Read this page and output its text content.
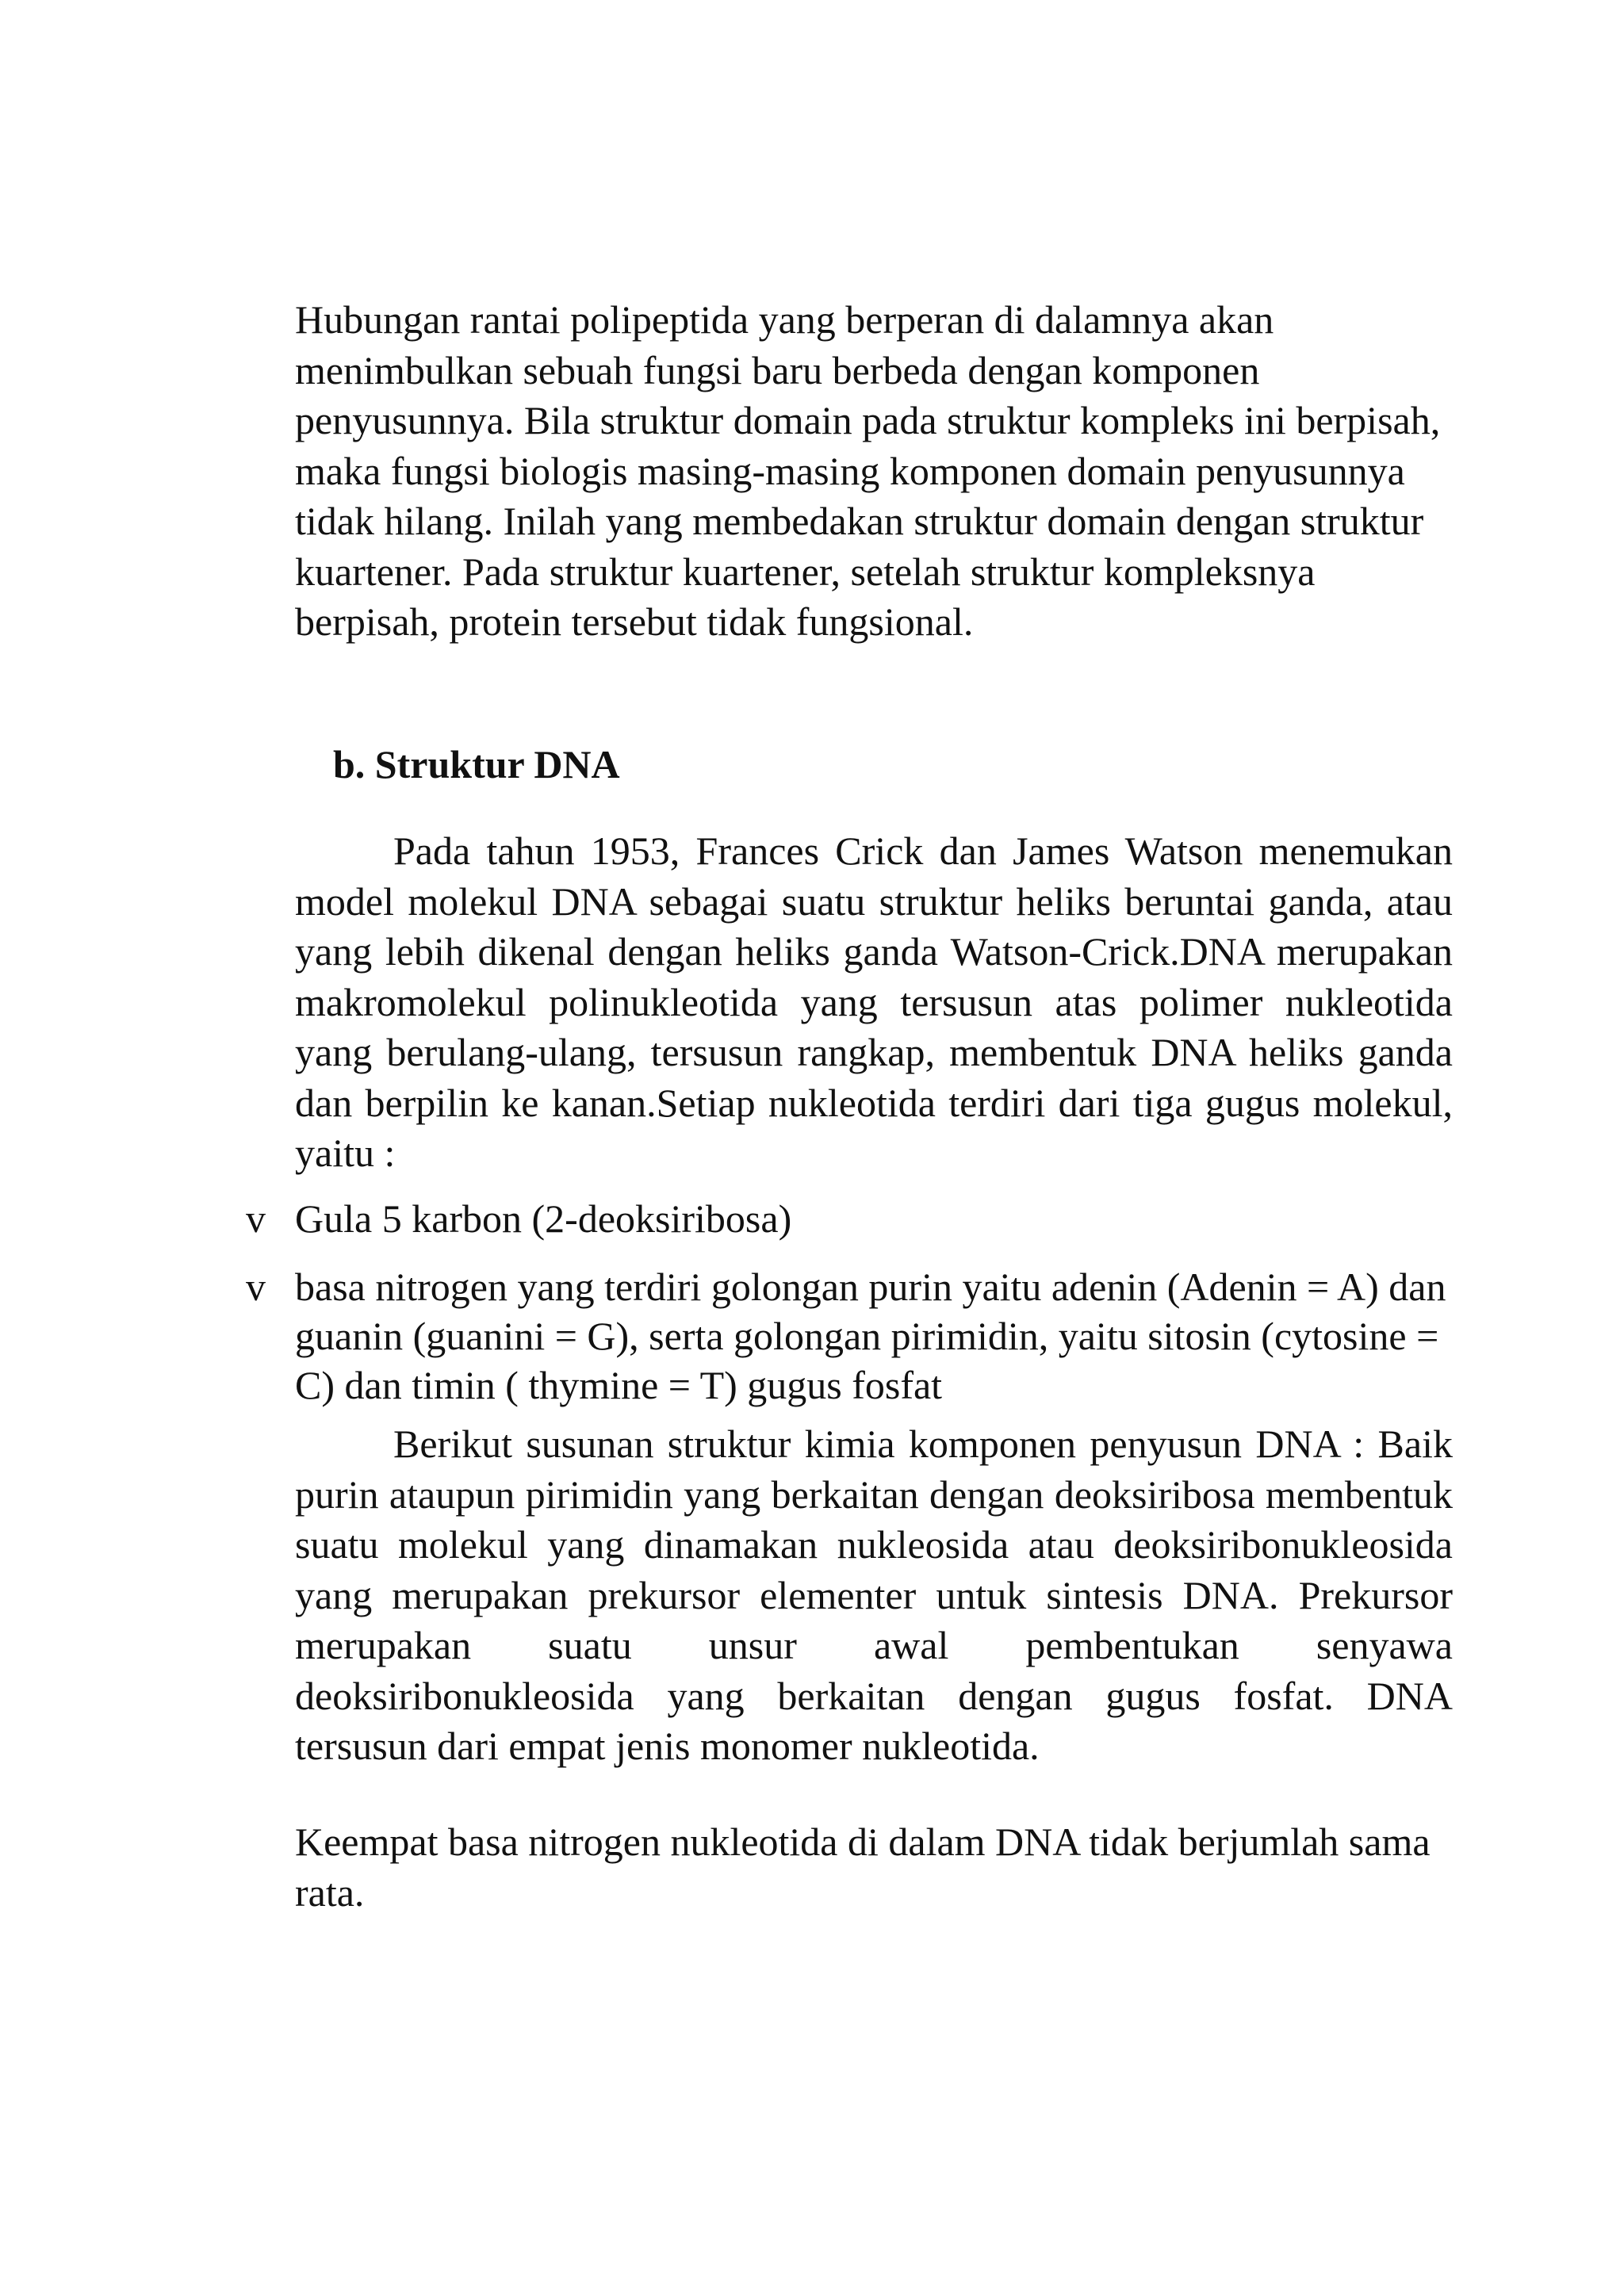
Hubungan rantai polipeptida yang berperan di dalamnya akan menimbulkan sebuah fungsi baru berbeda dengan komponen penyusunnya. Bila struktur domain pada struktur kompleks ini berpisah, maka fungsi biologis masing-masing komponen domain penyusunnya tidak hilang. Inilah yang membedakan struktur domain dengan struktur kuartener. Pada struktur kuartener, setelah struktur kompleksnya berpisah, protein tersebut tidak fungsional.

b. Struktur DNA

Pada tahun 1953, Frances Crick dan James Watson menemukan model molekul DNA sebagai suatu struktur heliks beruntai ganda, atau yang lebih dikenal dengan heliks ganda Watson-Crick.DNA merupakan makromolekul polinukleotida yang tersusun atas polimer nukleotida yang berulang-ulang, tersusun rangkap, membentuk DNA heliks ganda dan berpilin ke kanan.Setiap nukleotida terdiri dari tiga gugus molekul, yaitu :

v Gula 5 karbon (2-deoksiribosa)
v basa nitrogen yang terdiri golongan purin yaitu adenin (Adenin = A) dan guanin (guanini = G), serta golongan pirimidin, yaitu sitosin (cytosine = C) dan timin ( thymine = T) gugus fosfat

Berikut susunan struktur kimia komponen penyusun DNA : Baik purin ataupun pirimidin yang berkaitan dengan deoksiribosa membentuk suatu molekul yang dinamakan nukleosida atau deoksiribonukleosida yang merupakan prekursor elementer untuk sintesis DNA. Prekursor merupakan suatu unsur awal pembentukan senyawa deoksiribonukleosida yang berkaitan dengan gugus fosfat. DNA tersusun dari empat jenis monomer nukleotida.

Keempat basa nitrogen nukleotida di dalam DNA tidak berjumlah sama rata.
